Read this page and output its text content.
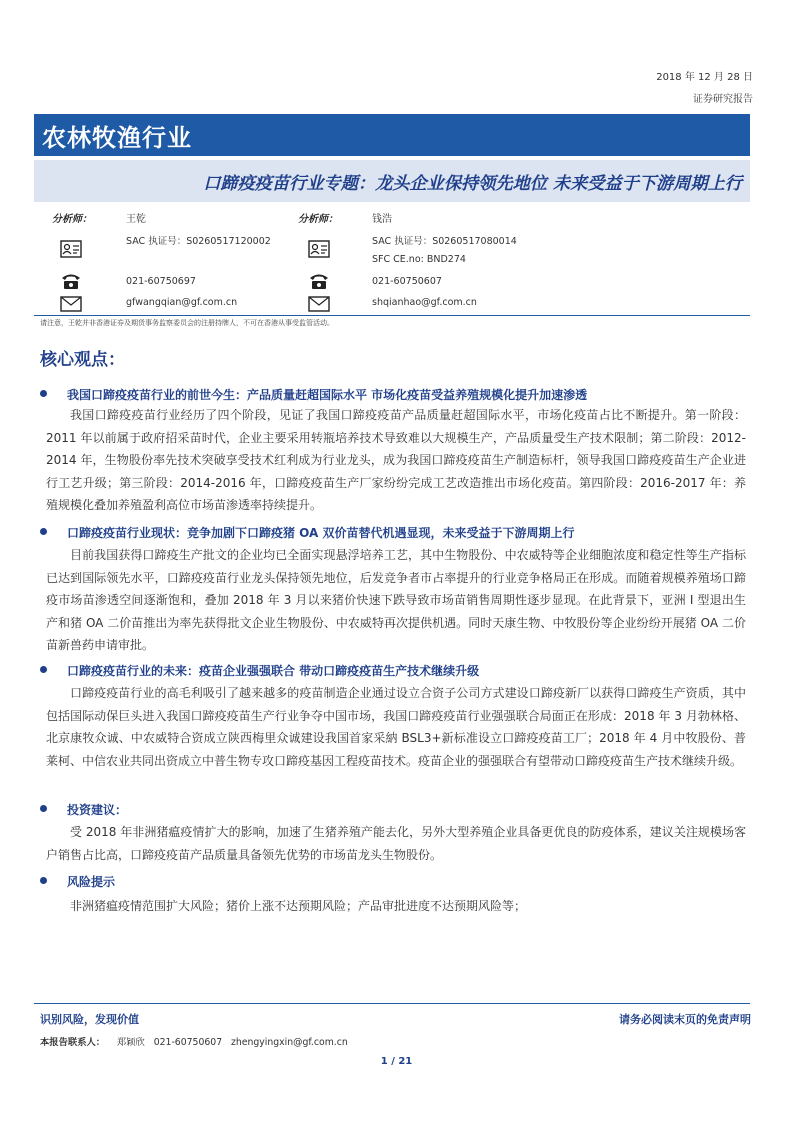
2018 年 12 月 28 日
证券研究报告
农林牧渔行业
口蹄疫疫苗行业专题：龙头企业保持领先地位 未来受益于下游周期上行
分析师：	王乾
SAC 执证号：S0260517120002
021-60750697
gfwangqian@gf.com.cn
分析师：	钱浩
SAC 执证号：S0260517080014
SFC CE.no: BND274
021-60750607
shqianhao@gf.com.cn
请注意，王乾并非香港证券及期货事务监察委员会的注册持牌人，不可在香港从事受监管活动。
核心观点：
我国口蹄疫疫苗行业的前世今生：产品质量赶超国际水平 市场化疫苗受益养殖规模化提升加速渗透
我国口蹄疫疫苗行业经历了四个阶段，见证了我国口蹄疫疫苗产品质量赶超国际水平，市场化疫苗占比不断提升。第一阶段：2011 年以前属于政府招采苗时代，企业主要采用转瓶培养技术导致难以大规模生产，产品质量受生产技术限制；第二阶段：2012-2014 年，生物股份率先技术突破享受技术红利成为行业龙头，成为我国口蹄疫疫苗生产制造标杆，领导我国口蹄疫疫苗生产企业进行工艺升级；第三阶段：2014-2016 年，口蹄疫疫苗生产厂家纷纷完成工艺改造推出市场化疫苗。第四阶段：2016-2017 年：养殖规模化叠加养殖盈利高位市场苗渗透率持续提升。
口蹄疫疫苗行业现状：竞争加剧下口蹄疫猪 OA 双价苗替代机遇显现，未来受益于下游周期上行
目前我国获得口蹄疫生产批文的企业均已全面实现悬浮培养工艺，其中生物股份、中农威特等企业细胞浓度和稳定性等生产指标已达到国际领先水平，口蹄疫疫苗行业龙头保持领先地位，后发竞争者市占率提升的行业竞争格局正在形成。而随着规模养殖场口蹄疫市场苗渗透空间逐渐饱和，叠加 2018 年 3 月以来猪价快速下跌导致市场苗销售周期性逐步显现。在此背景下，亚洲 I 型退出生产和猪 OA 二价苗推出为率先获得批文企业生物股份、中农威特再次提供机遇。同时天康生物、中牧股份等企业纷纷开展猪 OA 二价苗新兽药申请审批。
口蹄疫疫苗行业的未来：疫苗企业强强联合 带动口蹄疫疫苗生产技术继续升级
口蹄疫疫苗行业的高毛利吸引了越来越多的疫苗制造企业通过设立合资子公司方式建设口蹄疫新厂以获得口蹄疫生产资质，其中包括国际动保巨头进入我国口蹄疫疫苗生产行业争夺中国市场，我国口蹄疫疫苗行业强强联合局面正在形成：2018 年 3 月勃林格、北京康牧众诚、中农威特合资成立陕西梅里众诚建设我国首家采納 BSL3+新标准设立口蹄疫疫苗工厂；2018 年 4 月中牧股份、普莱柯、中信农业共同出资成立中普生物专攻口蹄疫基因工程疫苗技术。疫苗企业的强强联合有望带动口蹄疫疫苗生产技术继续升级。
投资建议：
受 2018 年非洲猪瘟疫情扩大的影响，加速了生猪养殖产能去化，另外大型养殖企业具备更优良的防疫体系，建议关注规模场客户销售占比高，口蹄疫疫苗产品质量具备领先优势的市场苗龙头生物股份。
风险提示
非洲猪瘟疫情范围扩大风险；猪价上涨不达预期风险；产品审批进度不达预期风险等；
识别风险，发现价值	请务必阅读末页的免责声明
本报告联系人： 郑颖欣 021-60750607 zhengyingxin@gf.com.cn
1 / 21
